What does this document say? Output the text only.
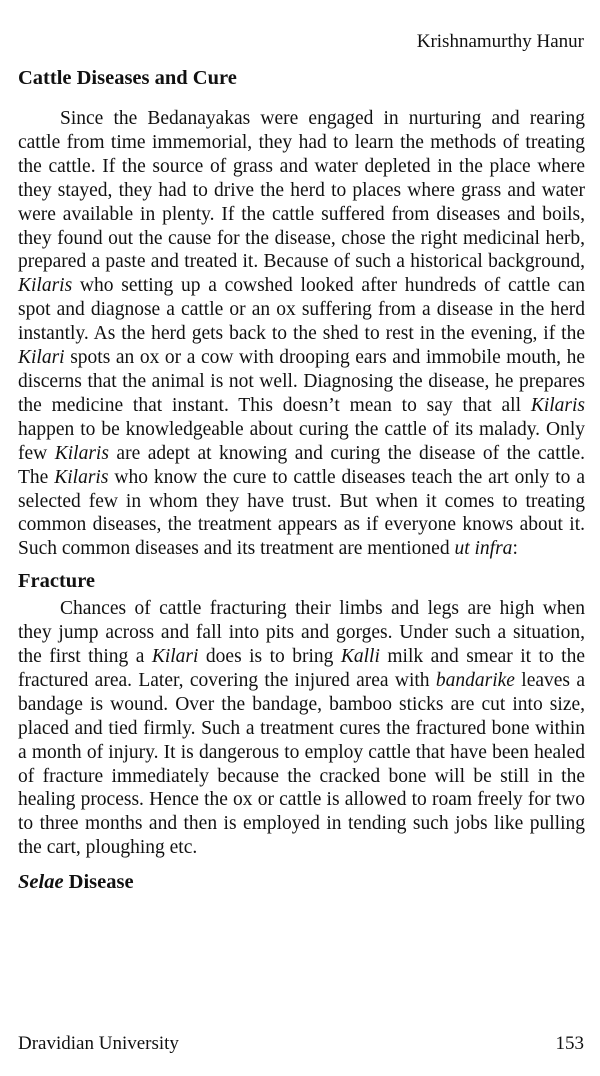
Krishnamurthy Hanur
Cattle Diseases and Cure

Since the Bedanayakas were engaged in nurturing and rearing cattle from time immemorial, they had to learn the methods of treating the cattle. If the source of grass and water depleted in the place where they stayed, they had to drive the herd to places where grass and water were available in plenty. If the cattle suffered from diseases and boils, they found out the cause for the disease, chose the right medicinal herb, prepared a paste and treated it. Because of such a historical background, Kilaris who setting up a cowshed looked after hundreds of cattle can spot and diagnose a cattle or an ox suffering from a disease in the herd instantly. As the herd gets back to the shed to rest in the evening, if the Kilari spots an ox or a cow with drooping ears and immobile mouth, he discerns that the animal is not well. Diagnosing the disease, he prepares the medicine that instant. This doesn’t mean to say that all Kilaris happen to be knowledgeable about curing the cattle of its malady. Only few Kilaris are adept at knowing and curing the disease of the cattle. The Kilaris who know the cure to cattle diseases teach the art only to a selected few in whom they have trust. But when it comes to treating common diseases, the treatment appears as if everyone knows about it. Such common diseases and its treatment are mentioned ut infra:

Fracture

Chances of cattle fracturing their limbs and legs are high when they jump across and fall into pits and gorges. Under such a situation, the first thing a Kilari does is to bring Kalli milk and smear it to the fractured area. Later, covering the injured area with bandarike leaves a bandage is wound. Over the bandage, bamboo sticks are cut into size, placed and tied firmly. Such a treatment cures the fractured bone within a month of injury. It is dangerous to employ cattle that have been healed of fracture immediately because the cracked bone will be still in the healing process. Hence the ox or cattle is allowed to roam freely for two to three months and then is employed in tending such jobs like pulling the cart, ploughing etc.

Selae Disease
Dravidian University	153
